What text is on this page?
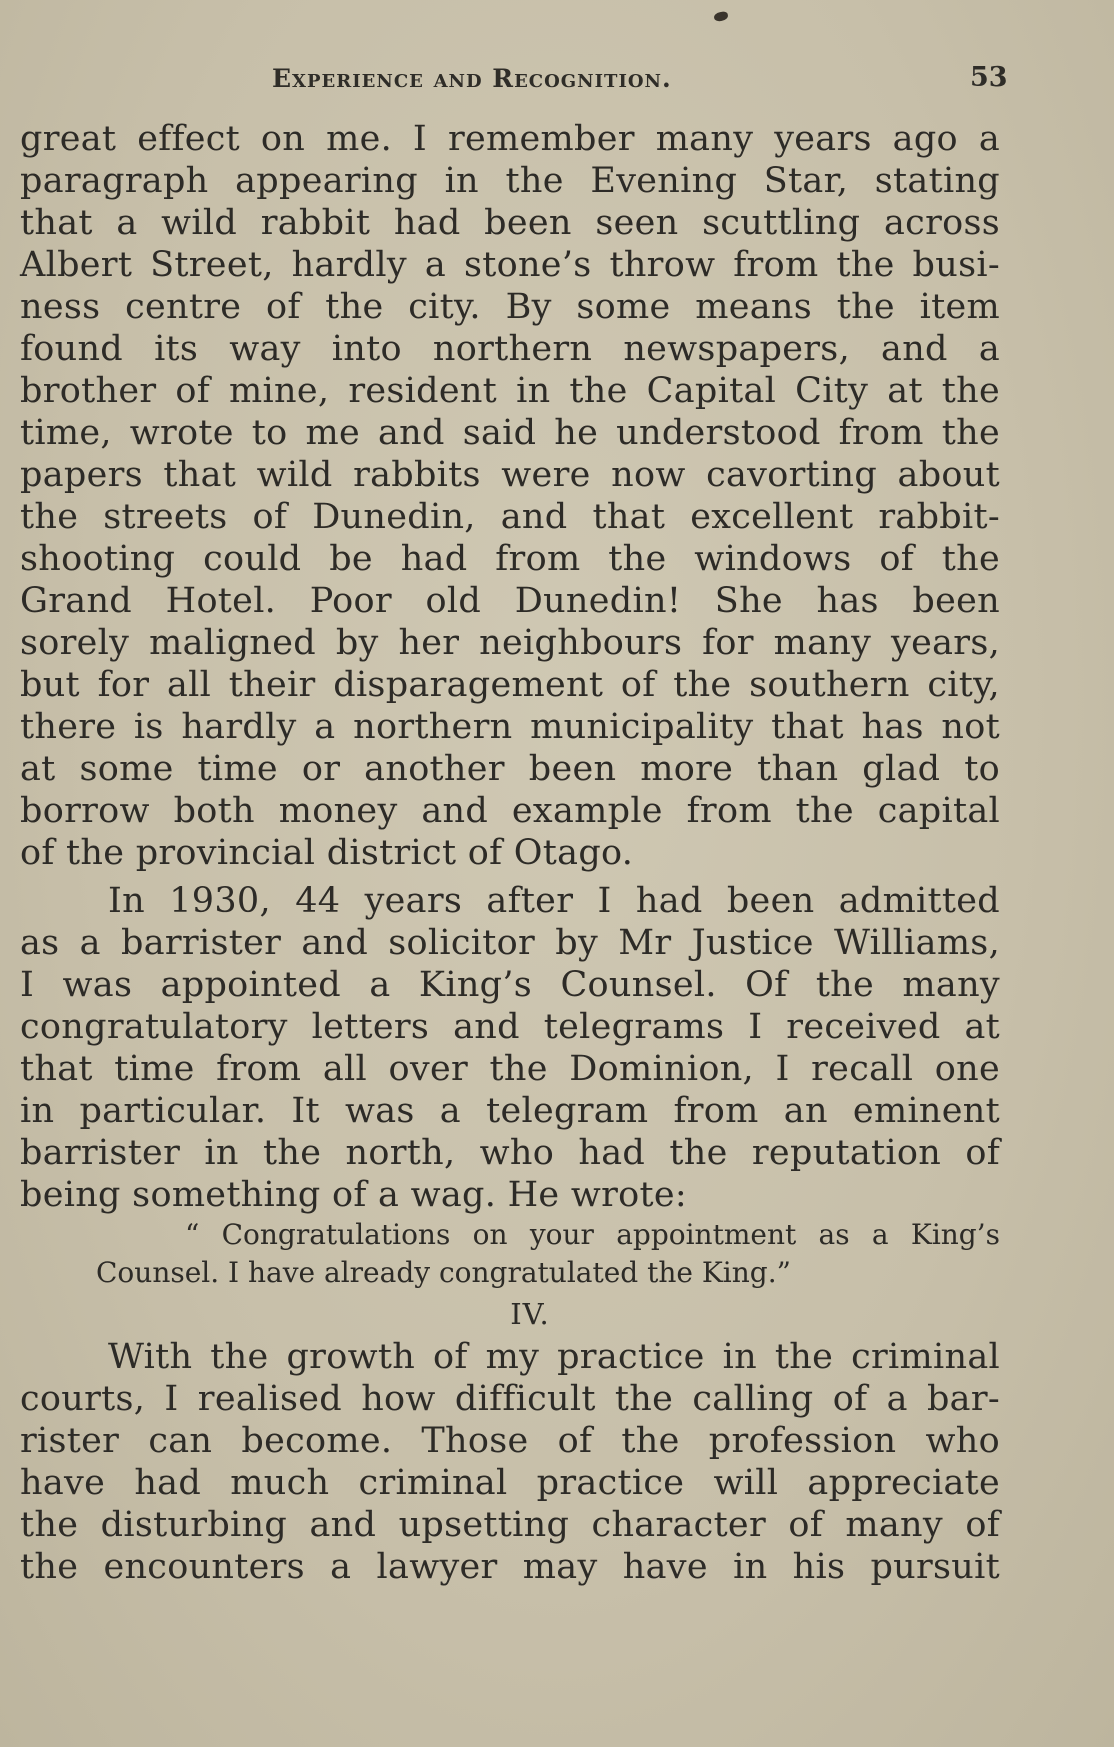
Experience and Recognition.	53
great effect on me. I remember many years ago a
paragraph appearing in the Evening Star, stating
that a wild rabbit had been seen scuttling across
Albert Street, hardly a stone’s throw from the busi-
ness centre of the city. By some means the item
found its way into northern newspapers, and a
brother of mine, resident in the Capital City at the
time, wrote to me and said he understood from the
papers that wild rabbits were now cavorting about
the streets of Dunedin, and that excellent rabbit-
shooting could be had from the windows of the
Grand Hotel. Poor old Dunedin! She has been
sorely maligned by her neighbours for many years,
but for all their disparagement of the southern city,
there is hardly a northern municipality that has not
at some time or another been more than glad to
borrow both money and example from the capital
of the provincial district of Otago.
In 1930, 44 years after I had been admitted
as a barrister and solicitor by Mr Justice Williams,
I was appointed a King’s Counsel. Of the many
congratulatory letters and telegrams I received at
that time from all over the Dominion, I recall one
in particular. It was a telegram from an eminent
barrister in the north, who had the reputation of
being something of a wag. He wrote:
“ Congratulations on your appointment as a King’s
Counsel. I have already congratulated the King.”
IV.
With the growth of my practice in the criminal
courts, I realised how difficult the calling of a bar-
rister can become. Those of the profession who
have had much criminal practice will appreciate
the disturbing and upsetting character of many of
the encounters a lawyer may have in his pursuit
